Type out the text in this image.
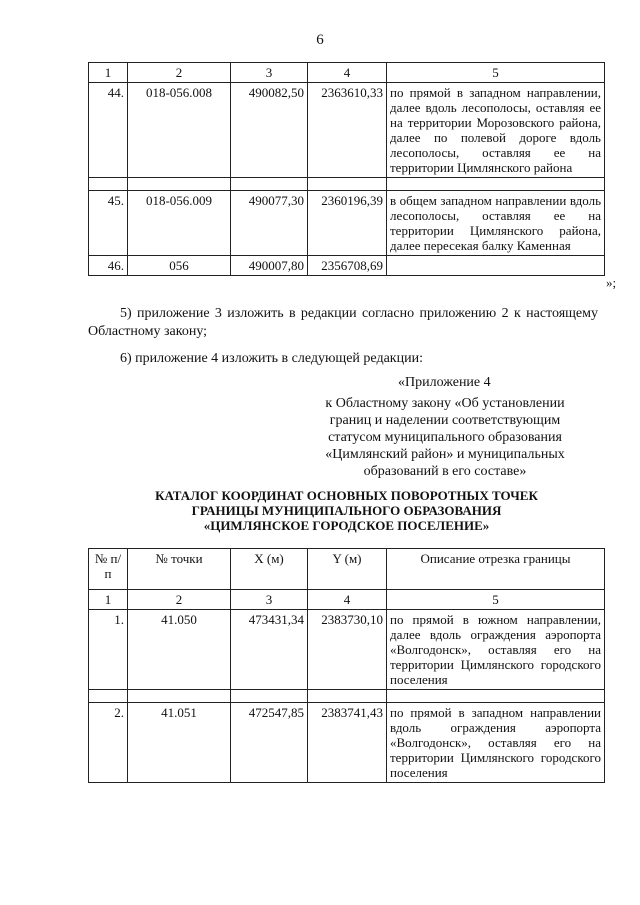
6
1	2	3	4	5
44.	018-056.008	490082,50	2363610,33	по прямой в западном направлении, далее вдоль лесополосы, оставляя ее на территории Морозовского района, далее по полевой дороге вдоль лесополосы, оставляя ее на территории Цимлянского района

45.	018-056.009	490077,30	2360196,39	в общем западном направлении вдоль лесополосы, оставляя ее на территории Цимлянского района, далее пересекая балку Каменная
46.	056	490007,80	2356708,69	
»;
5) приложение 3 изложить в редакции согласно приложению 2 к настоящему Областному закону;
6) приложение 4 изложить в следующей редакции:
«Приложение 4
к Областному закону «Об установлении границ и наделении соответствующим статусом муниципального образования «Цимлянский район» и муниципальных образований в его составе»
КАТАЛОГ КООРДИНАТ ОСНОВНЫХ ПОВОРОТНЫХ ТОЧЕК
ГРАНИЦЫ МУНИЦИПАЛЬНОГО ОБРАЗОВАНИЯ
«ЦИМЛЯНСКОЕ ГОРОДСКОЕ ПОСЕЛЕНИЕ»
№ п/п	№ точки	X (м)	Y (м)	Описание отрезка границы
1	2	3	4	5
1.	41.050	473431,34	2383730,10	по прямой в южном направлении, далее вдоль ограждения аэропорта «Волгодонск», оставляя его на территории Цимлянского городского поселения

2.	41.051	472547,85	2383741,43	по прямой в западном направлении вдоль ограждения аэропорта «Волгодонск», оставляя его на территории Цимлянского городского поселения
